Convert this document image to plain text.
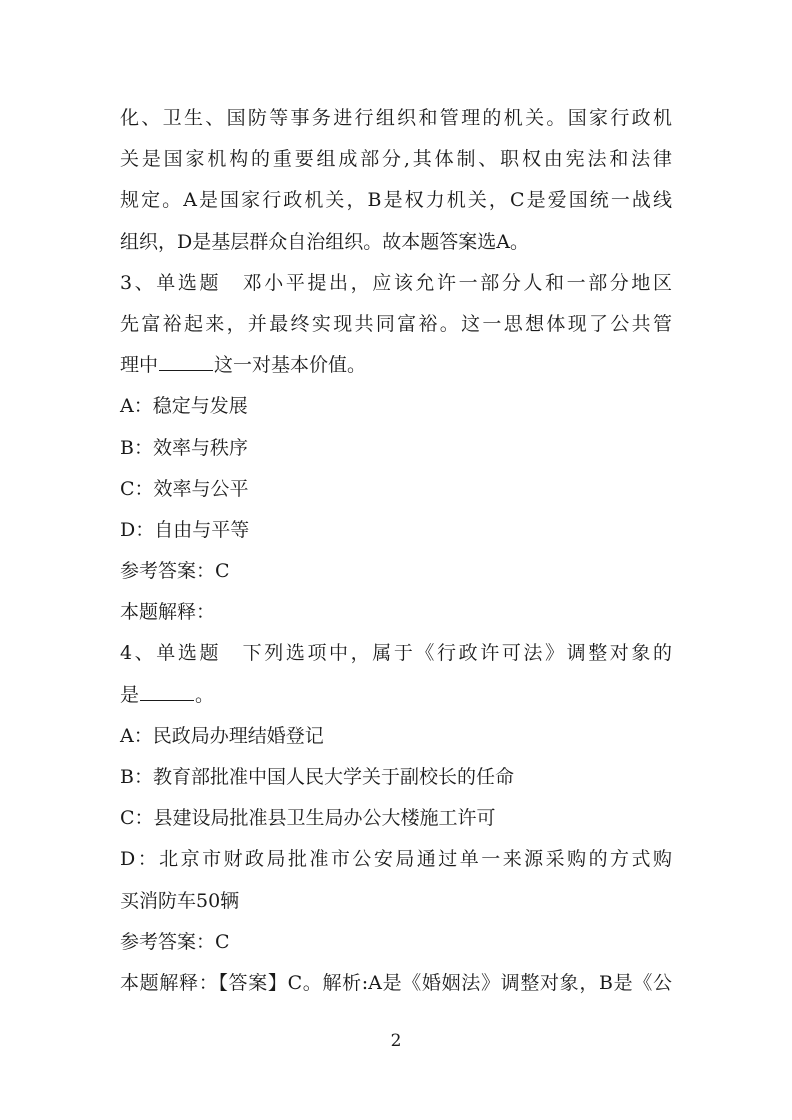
化、卫生、国防等事务进行组织和管理的机关。国家行政机
关是国家机构的重要组成部分,其体制、职权由宪法和法律
规定。A是国家行政机关，B是权力机关，C是爱国统一战线
组织，D是基层群众自治组织。故本题答案选A。
3、单选题　邓小平提出，应该允许一部分人和一部分地区
先富裕起来，并最终实现共同富裕。这一思想体现了公共管
理中	这一对基本价值。
A：稳定与发展
B：效率与秩序
C：效率与公平
D：自由与平等
参考答案：C
本题解释：
4、单选题　下列选项中，属于《行政许可法》调整对象的
是	。
A：民政局办理结婚登记
B：教育部批准中国人民大学关于副校长的任命
C：县建设局批准县卫生局办公大楼施工许可
D：北京市财政局批准市公安局通过单一来源采购的方式购
买消防车50辆
参考答案：C
本题解释：【答案】C。解析:A是《婚姻法》调整对象，B是《公
2
